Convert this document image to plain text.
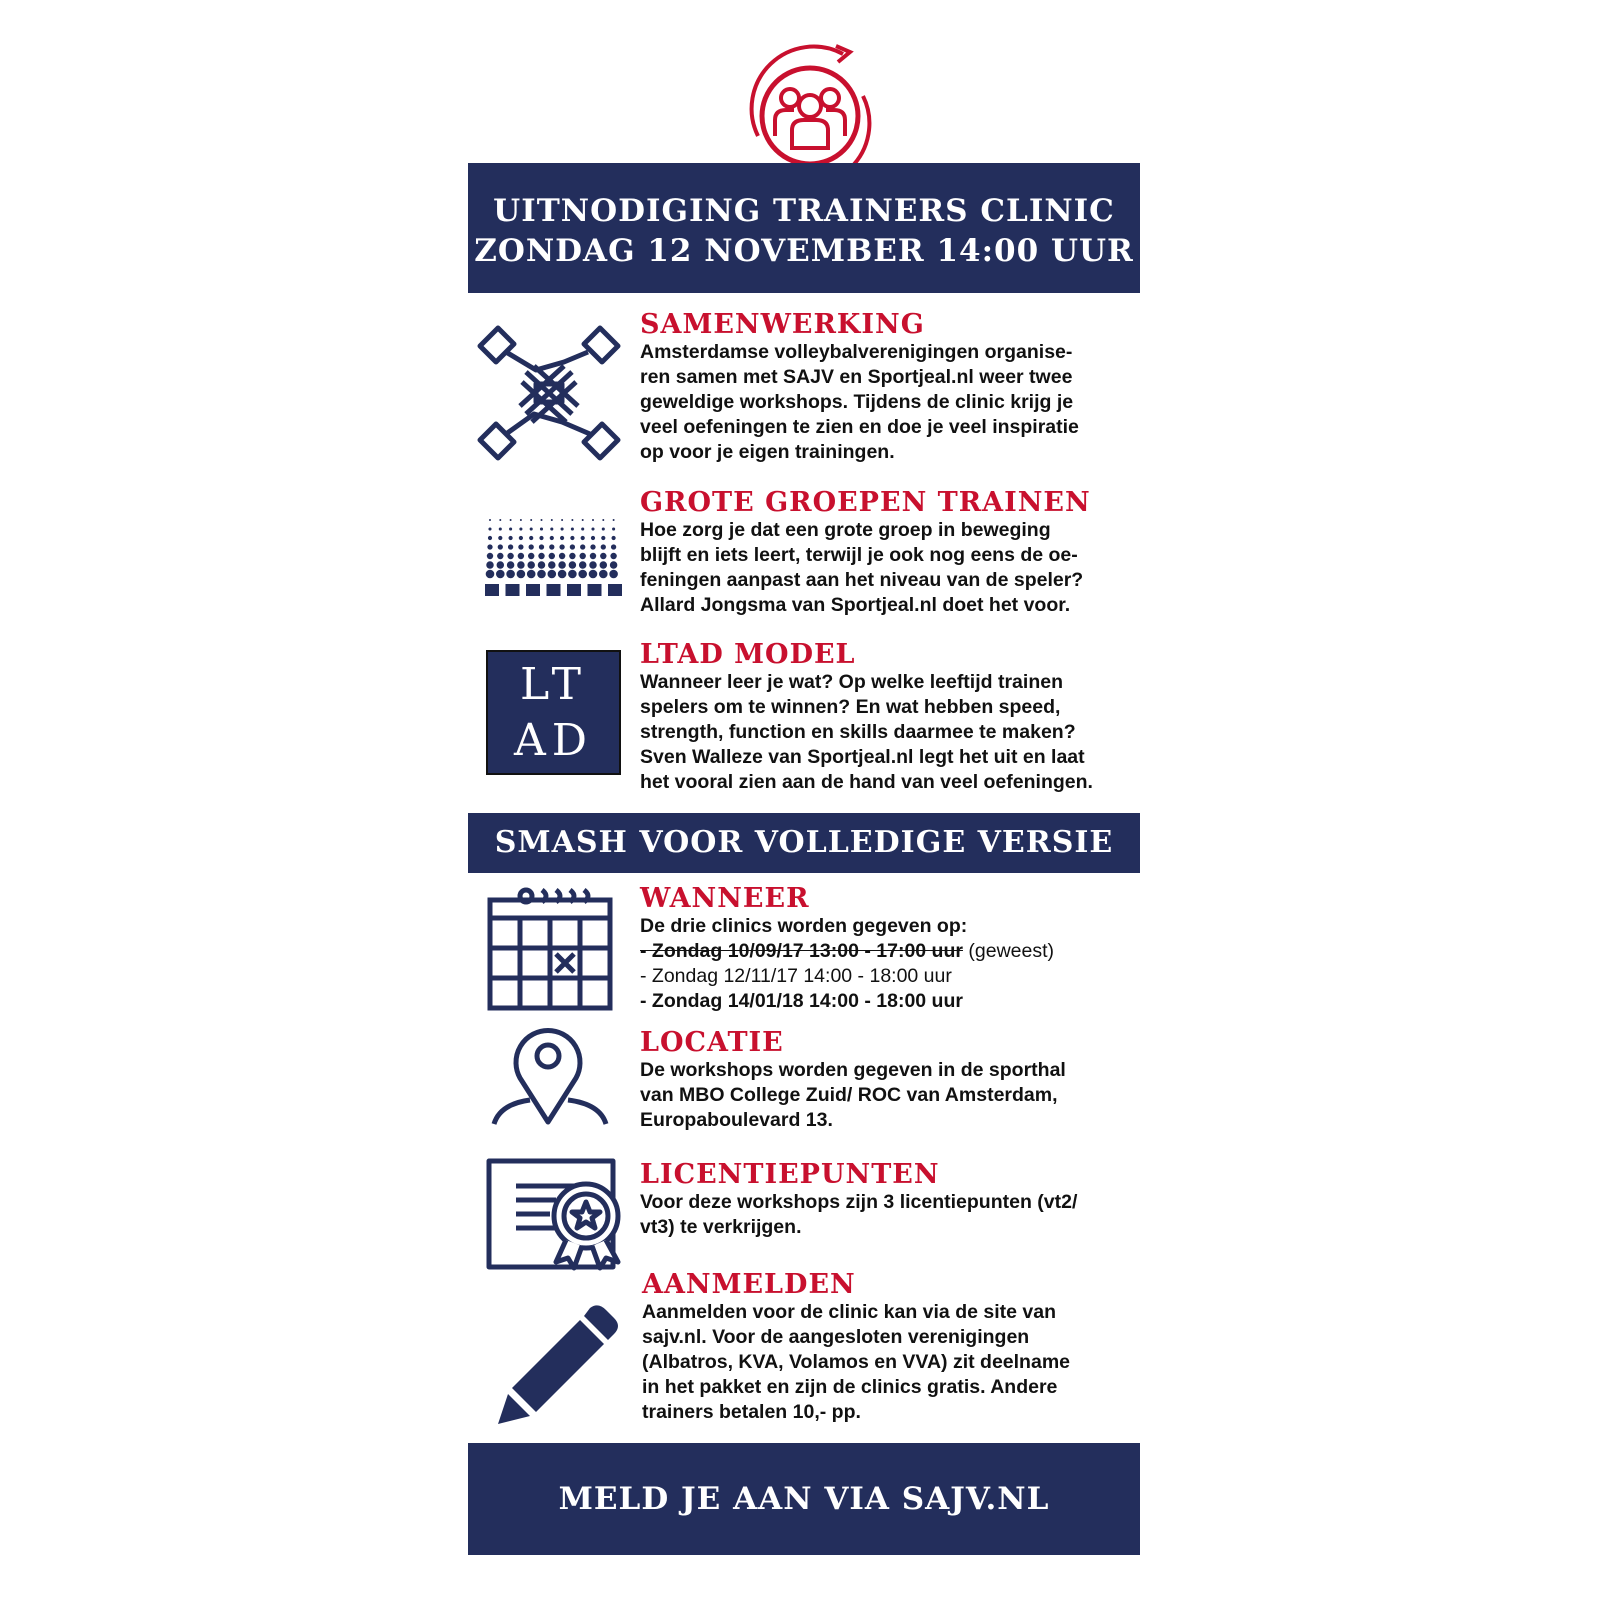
UITNODIGING TRAINERS CLINIC
ZONDAG 12 NOVEMBER 14:00 UUR
SAMENWERKING
Amsterdamse volleybalverenigingen organise-
ren samen met SAJV en Sportjeal.nl weer twee
geweldige workshops. Tijdens de clinic krijg je
veel oefeningen te zien en doe je veel inspiratie
op voor je eigen trainingen.
GROTE GROEPEN TRAINEN
Hoe zorg je dat een grote groep in beweging
blijft en iets leert, terwijl je ook nog eens de oe-
feningen aanpast aan het niveau van de speler?
Allard Jongsma van Sportjeal.nl doet het voor.
LT
AD
LTAD MODEL
Wanneer leer je wat? Op welke leeftijd trainen
spelers om te winnen? En wat hebben speed,
strength, function en skills daarmee te maken?
Sven Walleze van Sportjeal.nl legt het uit en laat
het vooral zien aan de hand van veel oefeningen.
SMASH VOOR VOLLEDIGE VERSIE
WANNEER
De drie clinics worden gegeven op:
- Zondag 10/09/17 13:00 - 17:00 uur (geweest)
- Zondag 12/11/17 14:00 - 18:00 uur
- Zondag 14/01/18 14:00 - 18:00 uur
LOCATIE
De workshops worden gegeven in de sporthal
van MBO College Zuid/ ROC van Amsterdam,
Europaboulevard 13.
LICENTIEPUNTEN
Voor deze workshops zijn 3 licentiepunten (vt2/
vt3) te verkrijgen.
AANMELDEN
Aanmelden voor de clinic kan via de site van
sajv.nl. Voor de aangesloten verenigingen
(Albatros, KVA, Volamos en VVA) zit deelname
in het pakket en zijn de clinics gratis. Andere
trainers betalen 10,- pp.
MELD JE AAN VIA SAJV.NL
